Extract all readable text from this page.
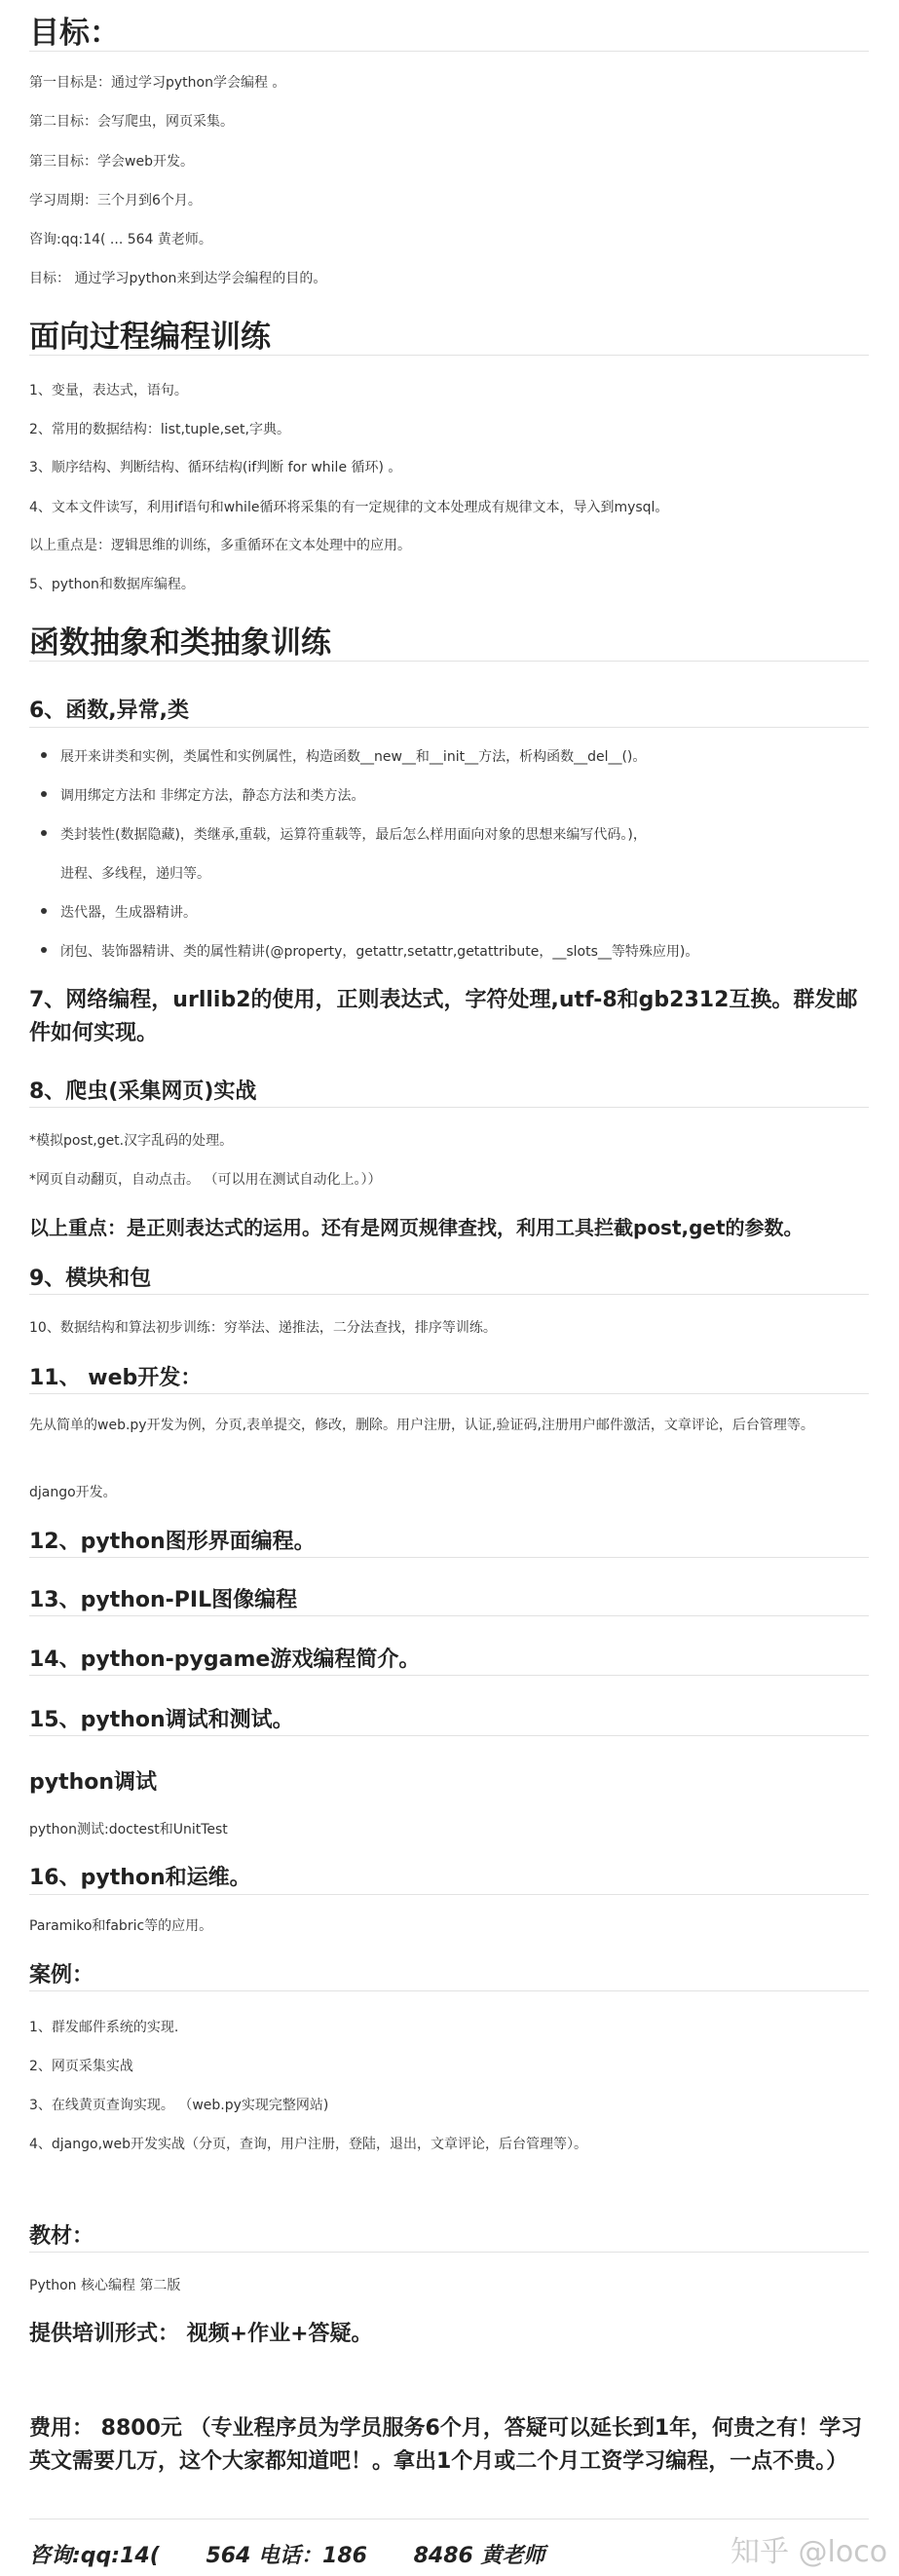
目标：
第一目标是：通过学习python学会编程 。
第二目标：会写爬虫，网页采集。
第三目标：学会web开发。
学习周期：三个月到6个月。
咨询:qq:14( ... 564 黄老师。
目标： 通过学习python来到达学会编程的目的。
面向过程编程训练
1、变量，表达式，语句。
2、常用的数据结构：list,tuple,set,字典。
3、顺序结构、判断结构、循环结构(if判断 for while 循环) 。
4、文本文件读写，利用if语句和while循环将采集的有一定规律的文本处理成有规律文本，导入到mysql。
以上重点是：逻辑思维的训练，多重循环在文本处理中的应用。
5、python和数据库编程。
函数抽象和类抽象训练
6、函数,异常,类
展开来讲类和实例，类属性和实例属性，构造函数__new__和__init__方法，析构函数__del__()。
调用绑定方法和 非绑定方法，静态方法和类方法。
类封装性(数据隐藏)，类继承,重载，运算符重载等，最后怎么样用面向对象的思想来编写代码。)，
进程、多线程，递归等。
迭代器，生成器精讲。
闭包、装饰器精讲、类的属性精讲(@property，getattr,setattr,getattribute，__slots__等特殊应用)。
7、网络编程，urllib2的使用，正则表达式，字符处理,utf-8和gb2312互换。群发邮件如何实现。
8、爬虫(采集网页)实战
*模拟post,get.汉字乱码的处理。
*网页自动翻页，自动点击。 （可以用在测试自动化上。））
以上重点：是正则表达式的运用。还有是网页规律查找，利用工具拦截post,get的参数。
9、模块和包
10、数据结构和算法初步训练：穷举法、递推法，二分法查找，排序等训练。
11、 web开发：
先从简单的web.py开发为例，分页,表单提交，修改，删除。用户注册，认证,验证码,注册用户邮件激活，文章评论，后台管理等。
django开发。
12、python图形界面编程。
13、python-PIL图像编程
14、python-pygame游戏编程简介。
15、python调试和测试。
python调试
python测试:doctest和UnitTest
16、python和运维。
Paramiko和fabric等的应用。
案例：
1、群发邮件系统的实现.
2、网页采集实战
3、在线黄页查询实现。 （web.py实现完整网站)
4、django,web开发实战（分页，查询，用户注册，登陆，退出，文章评论，后台管理等）。
教材：
Python 核心编程 第二版
提供培训形式： 视频+作业+答疑。
费用： 8800元 （专业程序员为学员服务6个月，答疑可以延长到1年，何贵之有！学习英文需要几万，这个大家都知道吧！。拿出1个月或二个月工资学习编程，一点不贵。）
咨询:qq:14( 564 电话：186 8486 黄老师	知乎 @loco
